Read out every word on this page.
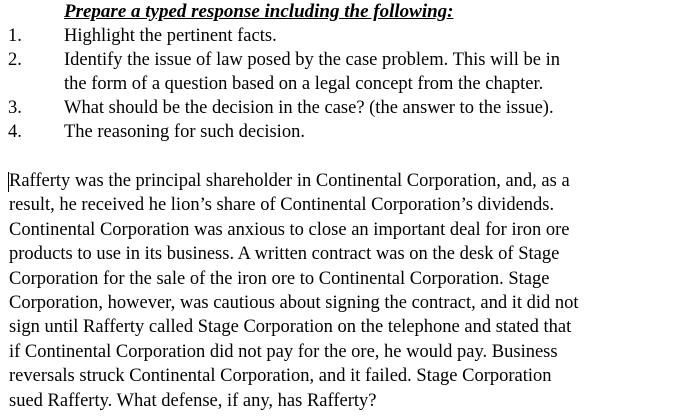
Prepare a typed response including the following:
1. Highlight the pertinent facts.
2. Identify the issue of law posed by the case problem. This will be in
the form of a question based on a legal concept from the chapter.
3. What should be the decision in the case? (the answer to the issue).
4. The reasoning for such decision.

Rafferty was the principal shareholder in Continental Corporation, and, as a
result, he received he lion’s share of Continental Corporation’s dividends.
Continental Corporation was anxious to close an important deal for iron ore
products to use in its business. A written contract was on the desk of Stage
Corporation for the sale of the iron ore to Continental Corporation. Stage
Corporation, however, was cautious about signing the contract, and it did not
sign until Rafferty called Stage Corporation on the telephone and stated that
if Continental Corporation did not pay for the ore, he would pay. Business
reversals struck Continental Corporation, and it failed. Stage Corporation
sued Rafferty. What defense, if any, has Rafferty?
